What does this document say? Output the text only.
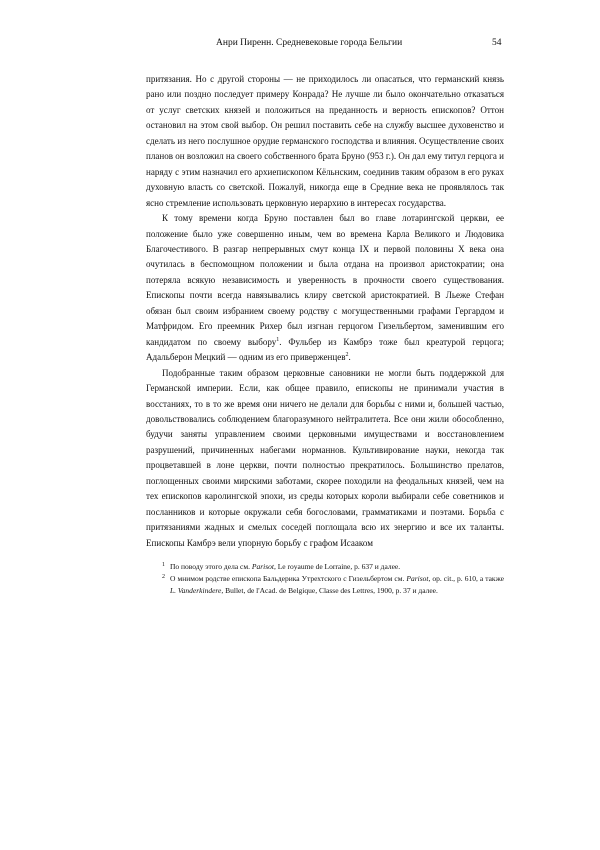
Анри Пиренн. Средневековые города Бельгии	54

притязания. Но с другой стороны — не приходилось ли опасаться, что германский князь рано или поздно последует примеру Конрада? Не лучше ли было окончательно отказаться от услуг светских князей и положиться на преданность и верность епископов? Оттон остановил на этом свой выбор. Он решил поставить себе на службу высшее духовенство и сделать из него послушное орудие германского господства и влияния. Осуществление своих планов он возложил на своего собственного брата Бруно (953 г.). Он дал ему титул герцога и наряду с этим назначил его архиепископом Кёльнским, соединив таким образом в его руках духовную власть со светской. Пожалуй, никогда еще в Средние века не проявлялось так ясно стремление использовать церковную иерархию в интересах государства.

К тому времени когда Бруно поставлен был во главе лотарингской церкви, ее положение было уже совершенно иным, чем во времена Карла Великого и Людовика Благочестивого. В разгар непрерывных смут конца IX и первой половины X века она очутилась в беспомощном положении и была отдана на произвол аристократии; она потеряла всякую независимость и уверенность в прочности своего существования. Епископы почти всегда навязывались клиру светской аристократией. В Льеже Стефан обязан был своим избранием своему родству с могущественными графами Гергардом и Матфридом. Его преемник Рихер был изгнан герцогом Гизельбертом, заменившим его кандидатом по своему выбору$^1$. Фульбер из Камбрэ тоже был креатурой герцога; Адальберон Мецкий — одним из его приверженцев$^2$.

Подобранные таким образом церковные сановники не могли быть поддержкой для Германской империи. Если, как общее правило, епископы не принимали участия в восстаниях, то в то же время они ничего не делали для борьбы с ними и, большей частью, довольствовались соблюдением благоразумного нейтралитета. Все они жили обособленно, будучи заняты управлением своими церковными имуществами и восстановлением разрушений, причиненных набегами норманнов. Культивирование науки, некогда так процветавшей в лоне церкви, почти полностью прекратилось. Большинство прелатов, поглощенных своими мирскими заботами, скорее походили на феодальных князей, чем на тех епископов каролингской эпохи, из среды которых короли выбирали себе советников и посланников и которые окружали себя богословами, грамматиками и поэтами. Борьба с притязаниями жадных и смелых соседей поглощала всю их энергию и все их таланты. Епископы Камбрэ вели упорную борьбу с графом Исааком

1 По поводу этого дела см. Parisot, Le royaume de Lorraine, p. 637 и далее.
2 О мнимом родстве епископа Бальдерика Утрехтского с Гизельбертом см. Parisot, op. cit., p. 610, а также L. Vanderkindere, Bullet, de l'Acad. de Belgique, Classe des Lettres, 1900, p. 37 и далее.
